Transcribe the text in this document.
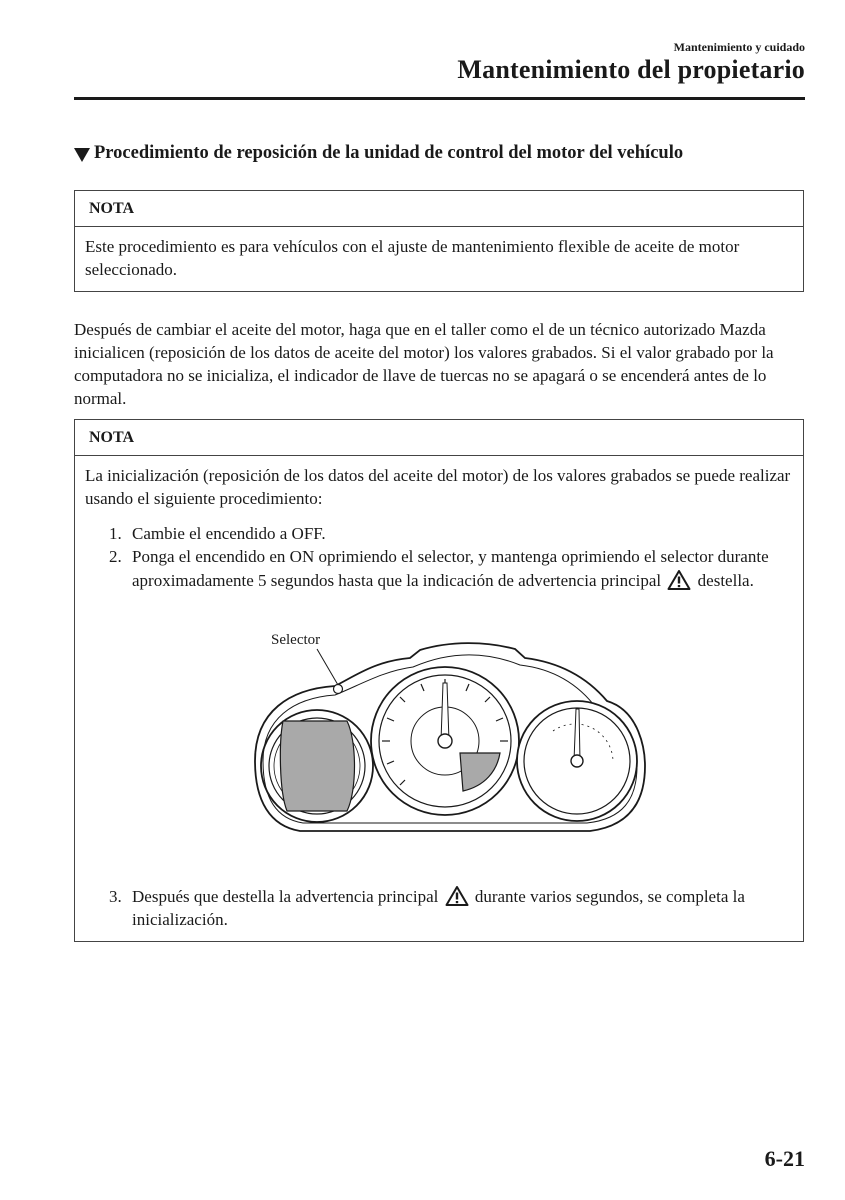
Mantenimiento y cuidado
Mantenimiento del propietario
Procedimiento de reposición de la unidad de control del motor del vehículo
NOTA
Este procedimiento es para vehículos con el ajuste de mantenimiento flexible de aceite de motor seleccionado.

Después de cambiar el aceite del motor, haga que en el taller como el de un técnico autorizado Mazda inicialicen (reposición de los datos de aceite del motor) los valores grabados. Si el valor grabado por la computadora no se inicializa, el indicador de llave de tuercas no se apagará o se encenderá antes de lo normal.

NOTA
La inicialización (reposición de los datos del aceite del motor) de los valores grabados se puede realizar usando el siguiente procedimiento:
1. Cambie el encendido a OFF.
2. Ponga el encendido en ON oprimiendo el selector, y mantenga oprimiendo el selector durante aproximadamente 5 segundos hasta que la indicación de advertencia principal destella.
Selector
3. Después que destella la advertencia principal durante varios segundos, se completa la inicialización.
6-21
